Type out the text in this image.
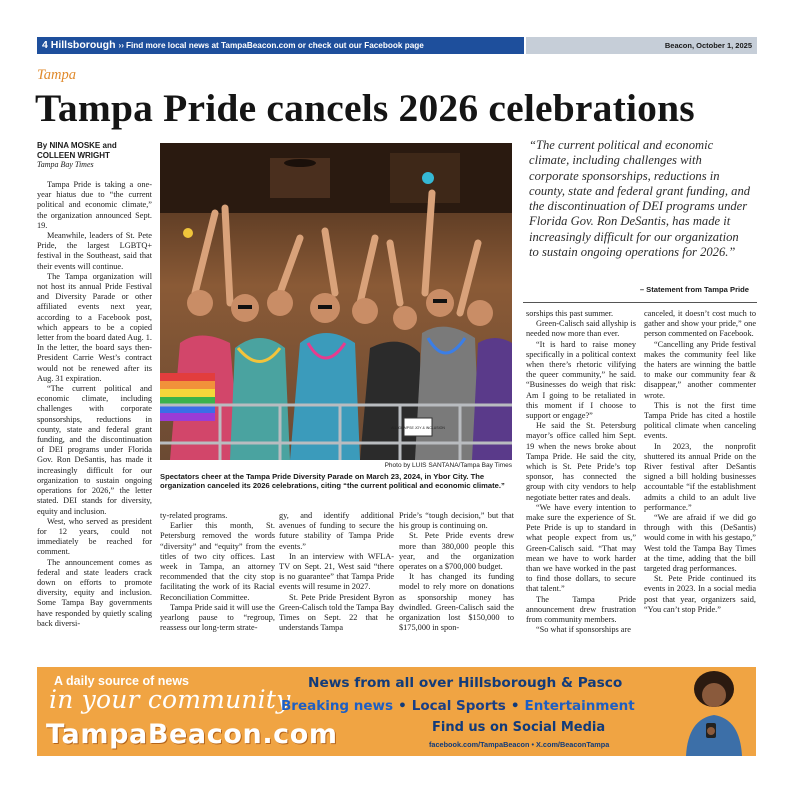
4 Hillsborough ›› Find more local news at TampaBeacon.com or check out our Facebook page	Beacon, October 1, 2025
Tampa
Tampa Pride cancels 2026 celebrations
By NINA MOSKE and COLLEEN WRIGHT
Tampa Bay Times

Tampa Pride is taking a one-year hiatus due to “the current political and economic climate,” the organization announced Sept. 19.

Meanwhile, leaders of St. Pete Pride, the largest LGBTQ+ festival in the Southeast, said that their events will continue.

The Tampa organization will not host its annual Pride Festival and Diversity Parade or other affiliated events next year, according to a Facebook post, which appears to be a copied letter from the board dated Aug. 1. In the letter, the board says then-President Carrie West’s contract would not be renewed after its Aug. 31 expiration.

“The current political and economic climate, including challenges with corporate sponsorships, reductions in county, state and federal grant funding, and the discontinuation of DEI programs under Florida Gov. Ron DeSantis, has made it increasingly difficult for our organization to sustain ongoing operations for 2026,” the letter stated. DEI stands for diversity, equity and inclusion.

West, who served as president for 12 years, could not immediately be reached for comment.

The announcement comes as federal and state leaders crack down on efforts to promote diversity, equity and inclusion. Some Tampa Bay governments have responded by quietly scaling back diversi-

ALL GLIMPSE JOY & INCLUSION
Photo by LUIS SANTANA/Tampa Bay Times
Spectators cheer at the Tampa Pride Diversity Parade on March 23, 2024, in Ybor City. The organization canceled its 2026 celebrations, citing “the current political and economic climate.”
“The current political and economic climate, including challenges with corporate sponsorships, reductions in county, state and federal grant funding, and the discontinuation of DEI programs under Florida Gov. Ron DeSantis, has made it increasingly difficult for our organization to sustain ongoing operations for 2026.”
– Statement from Tampa Pride

ty-related programs.

Earlier this month, St. Petersburg removed the words “diversity” and “equity” from the titles of two city offices. Last week in Tampa, an attorney recommended that the city stop facilitating the work of its Racial Reconciliation Committee.

Tampa Pride said it will use the yearlong pause to “regroup, reassess our long-term strate-

gy, and identify additional avenues of funding to secure the future stability of Tampa Pride events.”

In an interview with WFLA-TV on Sept. 21, West said “there is no guarantee” that Tampa Pride events will resume in 2027.

St. Pete Pride President Byron Green-Calisch told the Tampa Bay Times on Sept. 22 that he understands Tampa

Pride’s “tough decision,” but that his group is continuing on.

St. Pete Pride events drew more than 380,000 people this year, and the organization operates on a $700,000 budget.

It has changed its funding model to rely more on donations as sponsorship money has dwindled. Green-Calisch said the organization lost $150,000 to $175,000 in spon-

sorships this past summer.

Green-Calisch said allyship is needed now more than ever.

“It is hard to raise money specifically in a political context when there’s rhetoric vilifying the queer community,” he said. “Businesses do weigh that risk: Am I going to be retaliated in this moment if I choose to support or engage?”

He said the St. Petersburg mayor’s office called him Sept. 19 when the news broke about Tampa Pride. He said the city, which is St. Pete Pride’s top sponsor, has connected the group with city vendors to help negotiate better rates and deals.

“We have every intention to make sure the experience of St. Pete Pride is up to standard in what people expect from us,” Green-Calisch said. “That may mean we have to work harder than we have worked in the past to find those dollars, to secure that talent.”

The Tampa Pride announcement drew frustration from community members.

“So what if sponsorships are

canceled, it doesn’t cost much to gather and show your pride,” one person commented on Facebook.

“Cancelling any Pride festival makes the community feel like the haters are winning the battle to make our community fear & disappear,” another commenter wrote.

This is not the first time Tampa Pride has cited a hostile political climate when canceling events.

In 2023, the nonprofit shuttered its annual Pride on the River festival after DeSantis signed a bill holding businesses accountable “if the establishment admits a child to an adult live performance.”

“We are afraid if we did go through with this (DeSantis) would come in with his gestapo,” West told the Tampa Bay Times at the time, adding that the bill targeted drag performances.

St. Pete Pride continued its events in 2023. In a social media post that year, organizers said, “You can’t stop Pride.”

A daily source of news
in your community
TampaBeacon.com
News from all over Hillsborough & Pasco
Breaking news • Local Sports • Entertainment
Find us on Social Media
facebook.com/TampaBeacon • X.com/BeaconTampa
